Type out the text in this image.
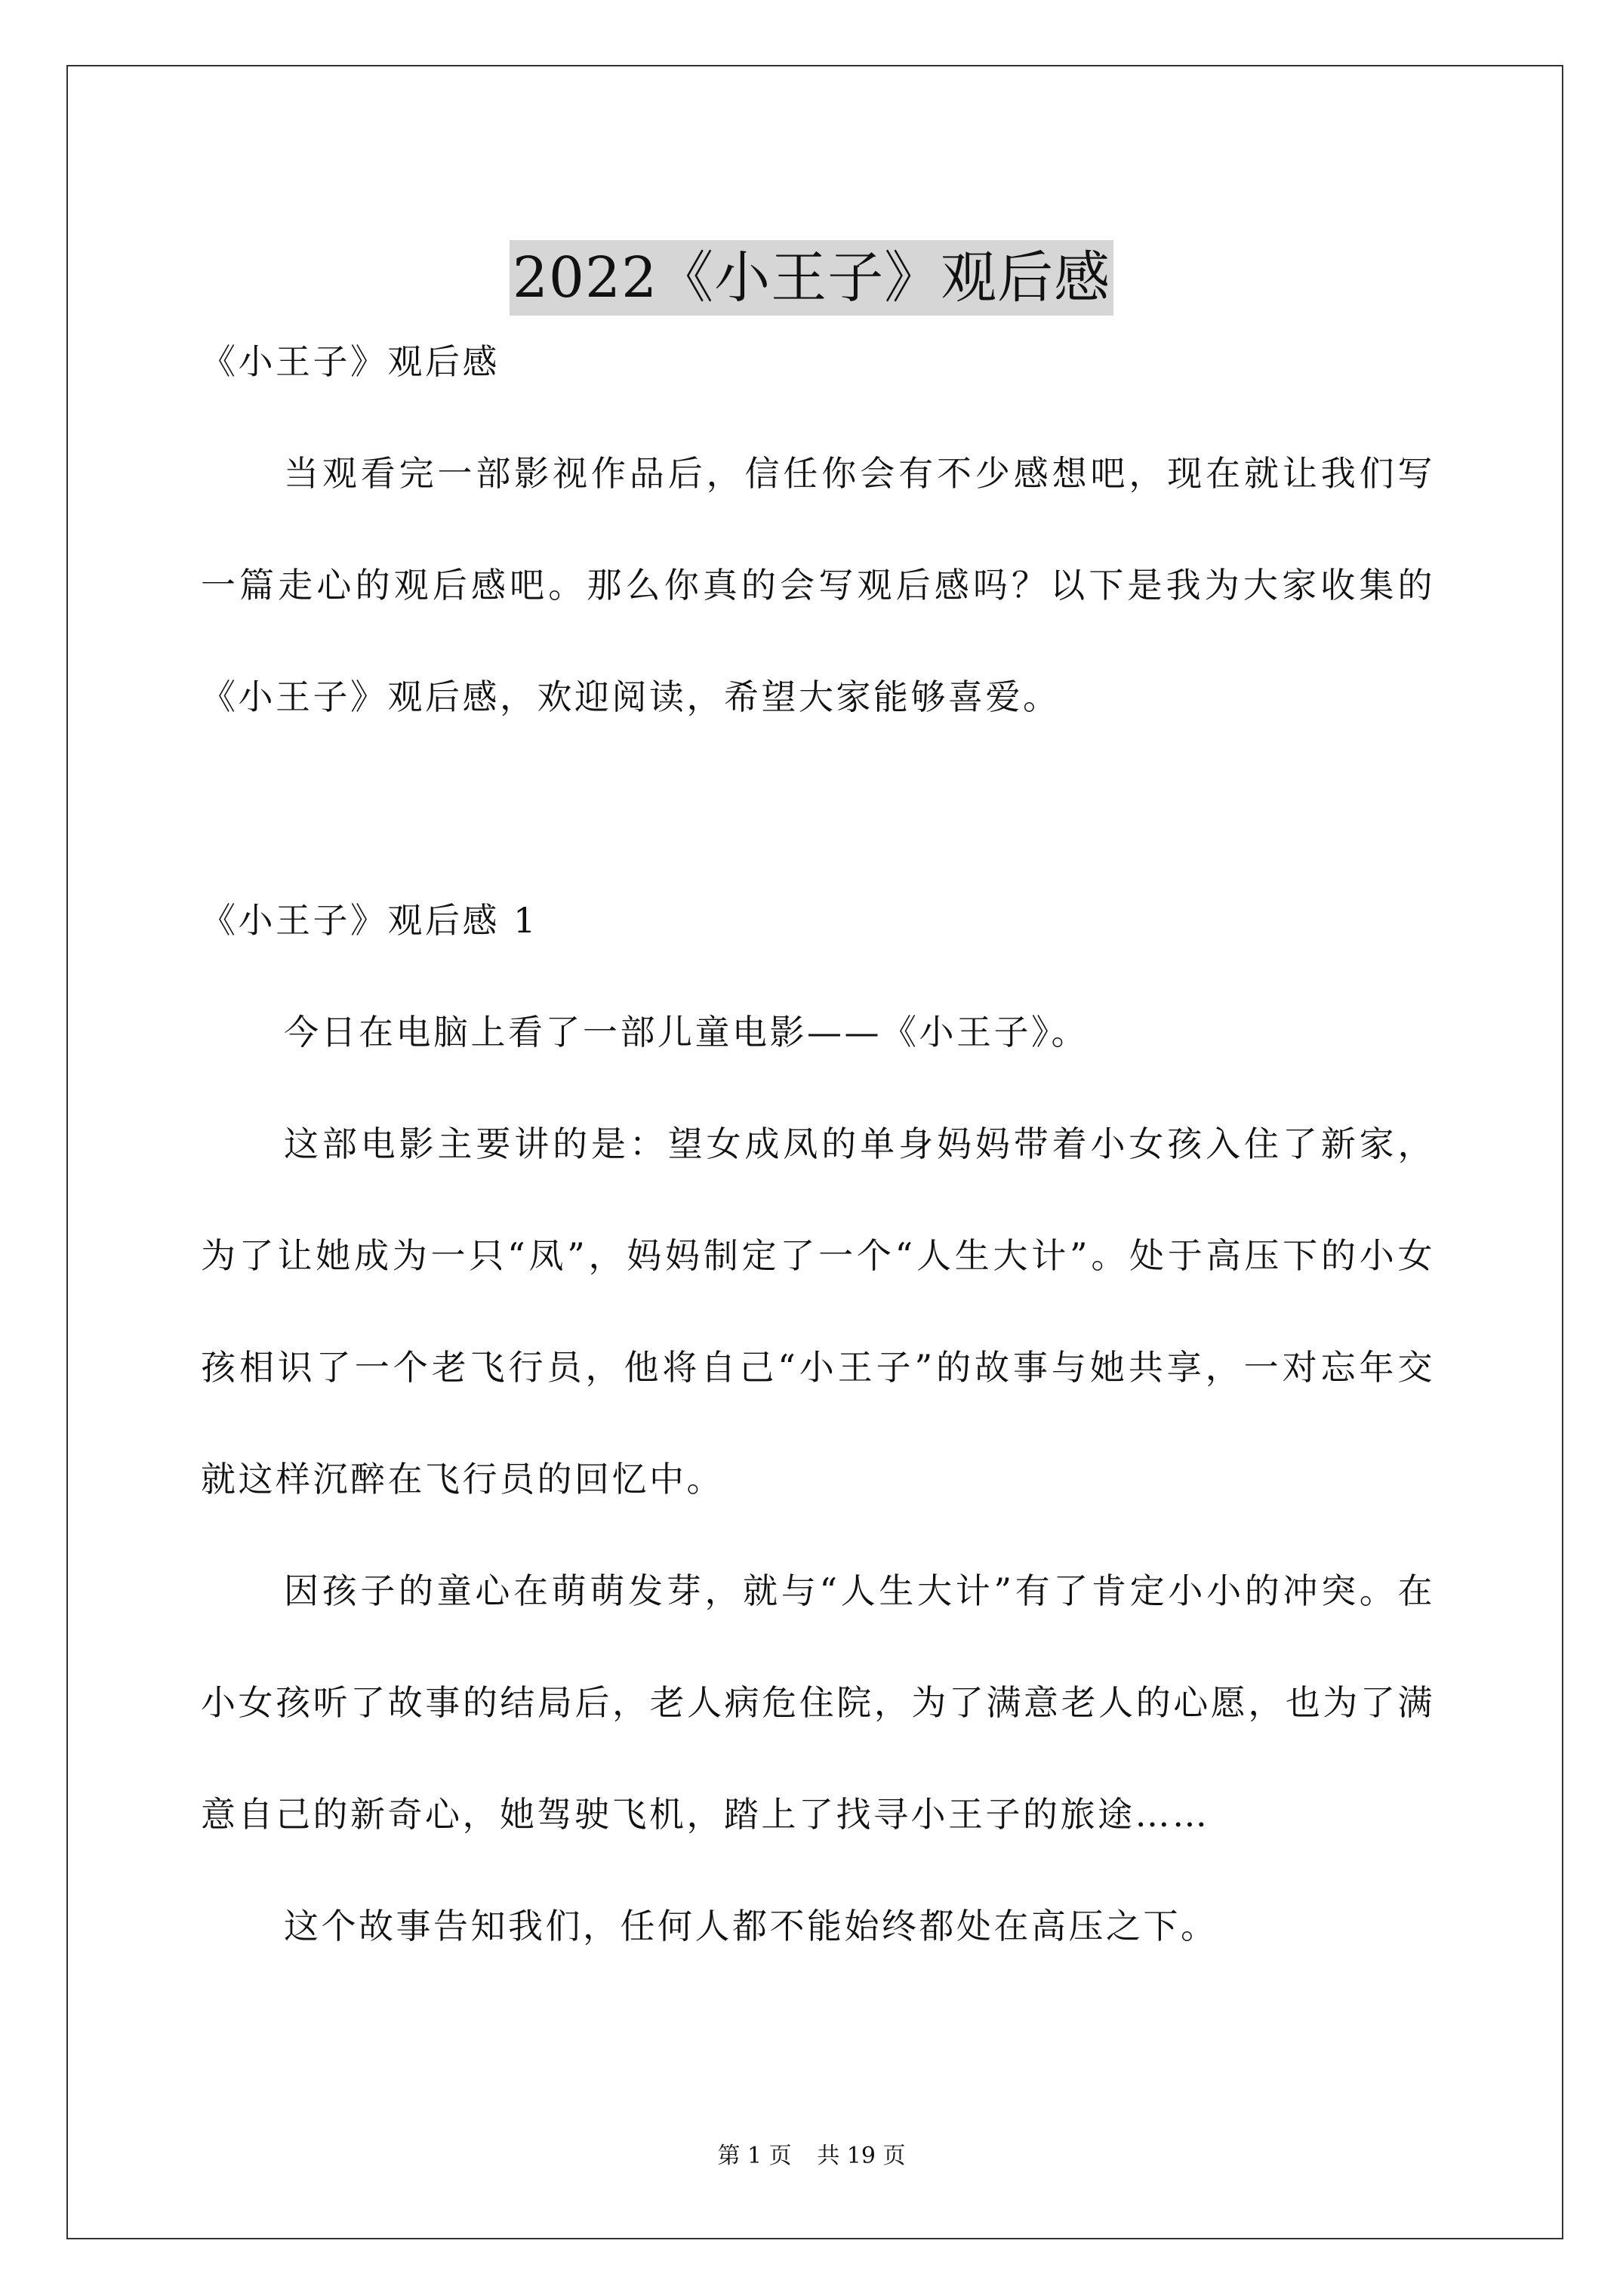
2022《小王子》观后感

《小王子》观后感

当观看完一部影视作品后，信任你会有不少感想吧，现在就让我们写一篇走心的观后感吧。那么你真的会写观后感吗？以下是我为大家收集的《小王子》观后感，欢迎阅读，希望大家能够喜爱。

《小王子》观后感 1

今日在电脑上看了一部儿童电影——《小王子》。

这部电影主要讲的是：望女成凤的单身妈妈带着小女孩入住了新家，为了让她成为一只“凤”，妈妈制定了一个“人生大计”。处于高压下的小女孩相识了一个老飞行员，他将自己“小王子”的故事与她共享，一对忘年交就这样沉醉在飞行员的回忆中。

因孩子的童心在萌萌发芽，就与“人生大计”有了肯定小小的冲突。在小女孩听了故事的结局后，老人病危住院，为了满意老人的心愿，也为了满意自己的新奇心，她驾驶飞机，踏上了找寻小王子的旅途……

这个故事告知我们，任何人都不能始终都处在高压之下。

第 1 页 共 19 页
